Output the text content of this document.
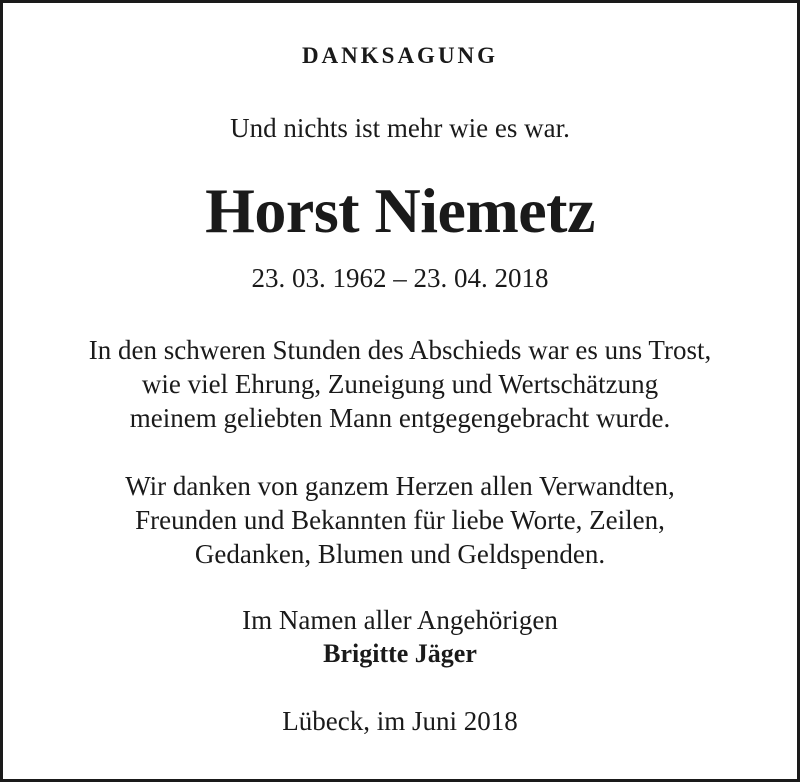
DANKSAGUNG

Und nichts ist mehr wie es war.

Horst Niemetz

23. 03. 1962 – 23. 04. 2018

In den schweren Stunden des Abschieds war es uns Trost,
wie viel Ehrung, Zuneigung und Wertschätzung
meinem geliebten Mann entgegengebracht wurde.
Wir danken von ganzem Herzen allen Verwandten,
Freunden und Bekannten für liebe Worte, Zeilen,
Gedanken, Blumen und Geldspenden.

Im Namen aller Angehörigen

Brigitte Jäger

Lübeck, im Juni 2018
